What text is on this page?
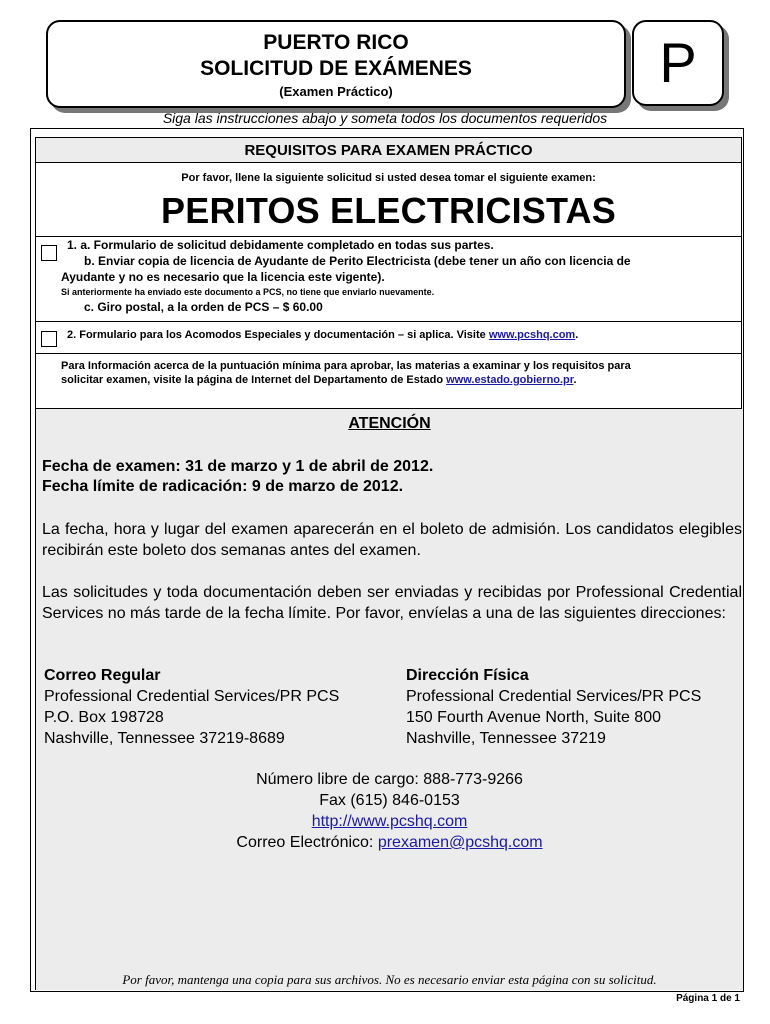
PUERTO RICO
SOLICITUD DE EXÁMENES
(Examen Práctico)	P
Siga las instrucciones abajo y sometа todos los documentos requeridos
REQUISITOS PARA EXAMEN PRÁCTICO
Por favor, llene la siguiente solicitud si usted desea tomar el siguiente examen:
PERITOS ELECTRICISTAS
1. a. Formulario de solicitud debidamente completado en todas sus partes.
b. Enviar copia de licencia de Ayudante de Perito Electricista (debe tener un año con licencia de
Ayudante y no es necesario que la licencia este vigente).
Si anteriormente ha enviado este documento a PCS, no tiene que enviarlo nuevamente.
c. Giro postal, a la orden de PCS – $ 60.00
2. Formulario para los Acomodos Especiales y documentación – si aplica. Visite www.pcshq.com.
Para Información acerca de la puntuación mínima para aprobar, las materias a examinar y los requisitos para
solicitar examen, visite la página de Internet del Departamento de Estado www.estado.gobierno.pr.
ATENCIÓN
Fecha de examen: 31 de marzo y 1 de abril de 2012.
Fecha límite de radicación: 9 de marzo de 2012.
La fecha, hora y lugar del examen aparecerán en el boleto de admisión. Los candidatos elegibles recibirán este boleto dos semanas antes del examen.
Las solicitudes y toda documentación deben ser enviadas y recibidas por Professional Credential Services no más tarde de la fecha límite. Por favor, envíelas a una de las siguientes direcciones:
Correo Regular
Professional Credential Services/PR PCS
P.O. Box 198728
Nashville, Tennessee 37219-8689
Dirección Física
Professional Credential Services/PR PCS
150 Fourth Avenue North, Suite 800
Nashville, Tennessee 37219
Número libre de cargo: 888-773-9266
Fax (615) 846-0153
http://www.pcshq.com
Correo Electrónico: prexamen@pcshq.com
Por favor, mantenga una copia para sus archivos. No es necesario enviar esta página con su solicitud.
Página 1 de 1
